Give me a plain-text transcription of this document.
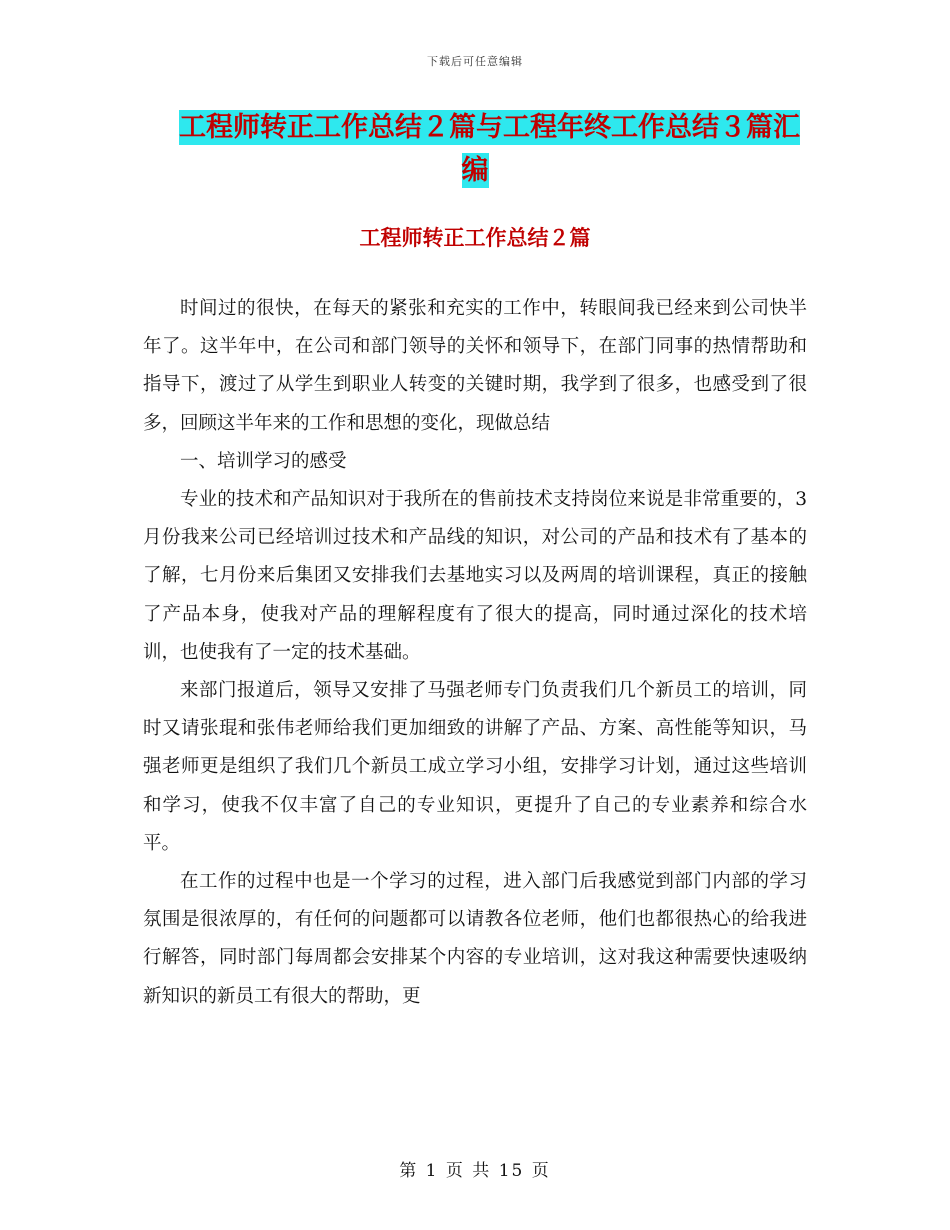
下载后可任意编辑
工程师转正工作总结２篇与工程年终工作总结３篇汇
编
工程师转正工作总结２篇

时间过的很快，在每天的紧张和充实的工作中，转眼间我已经来到公司快半年了。这半年中，在公司和部门领导的关怀和领导下，在部门同事的热情帮助和指导下，渡过了从学生到职业人转变的关键时期，我学到了很多，也感受到了很多，回顾这半年来的工作和思想的变化，现做总结

一、培训学习的感受

专业的技术和产品知识对于我所在的售前技术支持岗位来说是非常重要的，3月份我来公司已经培训过技术和产品线的知识，对公司的产品和技术有了基本的了解，七月份来后集团又安排我们去基地实习以及两周的培训课程，真正的接触了产品本身，使我对产品的理解程度有了很大的提高，同时通过深化的技术培训，也使我有了一定的技术基础。

来部门报道后，领导又安排了马强老师专门负责我们几个新员工的培训，同时又请张琨和张伟老师给我们更加细致的讲解了产品、方案、高性能等知识，马强老师更是组织了我们几个新员工成立学习小组，安排学习计划，通过这些培训和学习，使我不仅丰富了自己的专业知识，更提升了自己的专业素养和综合水平。

在工作的过程中也是一个学习的过程，进入部门后我感觉到部门内部的学习氛围是很浓厚的，有任何的问题都可以请教各位老师，他们也都很热心的给我进行解答，同时部门每周都会安排某个内容的专业培训，这对我这种需要快速吸纳新知识的新员工有很大的帮助，更

第 1 页 共 15 页
